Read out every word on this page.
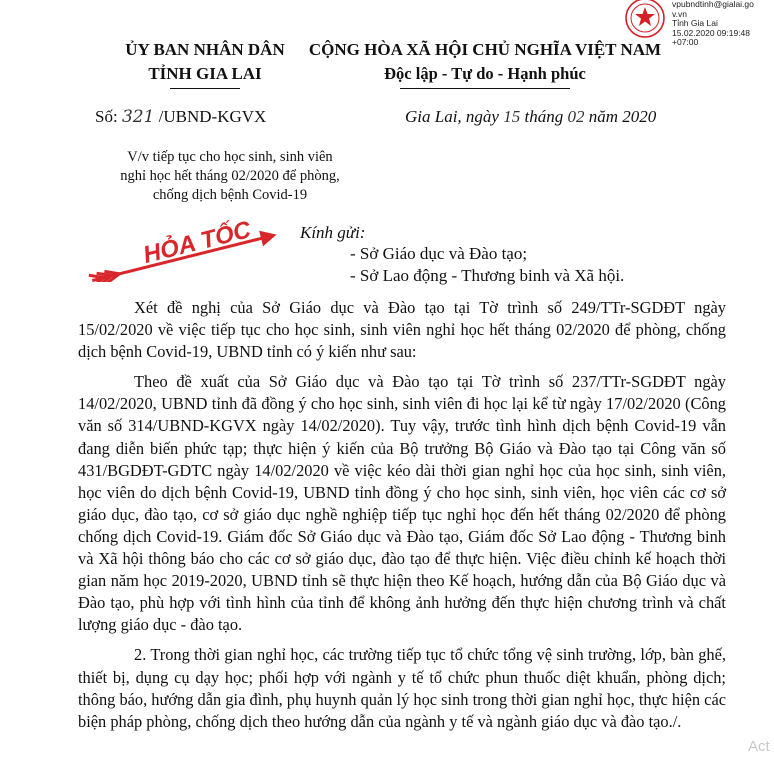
vpubndtinh@gialai.go
v.vn
Tỉnh Gia Lai
15.02.2020 09:19:48
+07:00
ỦY BAN NHÂN DÂN
TỈNH GIA LAI
CỘNG HÒA XÃ HỘI CHỦ NGHĨA VIỆT NAM
Độc lập - Tự do - Hạnh phúc
Số: 321 /UBND-KGVX	Gia Lai, ngày 15 tháng 02 năm 2020
V/v tiếp tục cho học sinh, sinh viên
nghỉ học hết tháng 02/2020 để phòng,
chống dịch bệnh Covid-19
HỎA TỐC	Kính gửi:
- Sở Giáo dục và Đào tạo;
- Sở Lao động - Thương binh và Xã hội.

Xét đề nghị của Sở Giáo dục và Đào tạo tại Tờ trình số 249/TTr-SGDĐT ngày 15/02/2020 về việc tiếp tục cho học sinh, sinh viên nghỉ học hết tháng 02/2020 để phòng, chống dịch bệnh Covid-19, UBND tỉnh có ý kiến như sau:

Theo đề xuất của Sở Giáo dục và Đào tạo tại Tờ trình số 237/TTr-SGDĐT ngày 14/02/2020, UBND tỉnh đã đồng ý cho học sinh, sinh viên đi học lại kể từ ngày 17/02/2020 (Công văn số 314/UBND-KGVX ngày 14/02/2020). Tuy vậy, trước tình hình dịch bệnh Covid-19 vẫn đang diễn biến phức tạp; thực hiện ý kiến của Bộ trưởng Bộ Giáo và Đào tạo tại Công văn số 431/BGDĐT-GDTC ngày 14/02/2020 về việc kéo dài thời gian nghỉ học của học sinh, sinh viên, học viên do dịch bệnh Covid-19, UBND tỉnh đồng ý cho học sinh, sinh viên, học viên các cơ sở giáo dục, đào tạo, cơ sở giáo dục nghề nghiệp tiếp tục nghỉ học đến hết tháng 02/2020 để phòng chống dịch Covid-19. Giám đốc Sở Giáo dục và Đào tạo, Giám đốc Sở Lao động - Thương binh và Xã hội thông báo cho các cơ sở giáo dục, đào tạo để thực hiện. Việc điều chỉnh kế hoạch thời gian năm học 2019-2020, UBND tỉnh sẽ thực hiện theo Kế hoạch, hướng dẫn của Bộ Giáo dục và Đào tạo, phù hợp với tình hình của tỉnh để không ảnh hưởng đến thực hiện chương trình và chất lượng giáo dục - đào tạo.

2. Trong thời gian nghỉ học, các trường tiếp tục tổ chức tổng vệ sinh trường, lớp, bàn ghế, thiết bị, dụng cụ dạy học; phối hợp với ngành y tế tổ chức phun thuốc diệt khuẩn, phòng dịch; thông báo, hướng dẫn gia đình, phụ huynh quản lý học sinh trong thời gian nghỉ học, thực hiện các biện pháp phòng, chống dịch theo hướng dẫn của ngành y tế và ngành giáo dục và đào tạo./.

Act
